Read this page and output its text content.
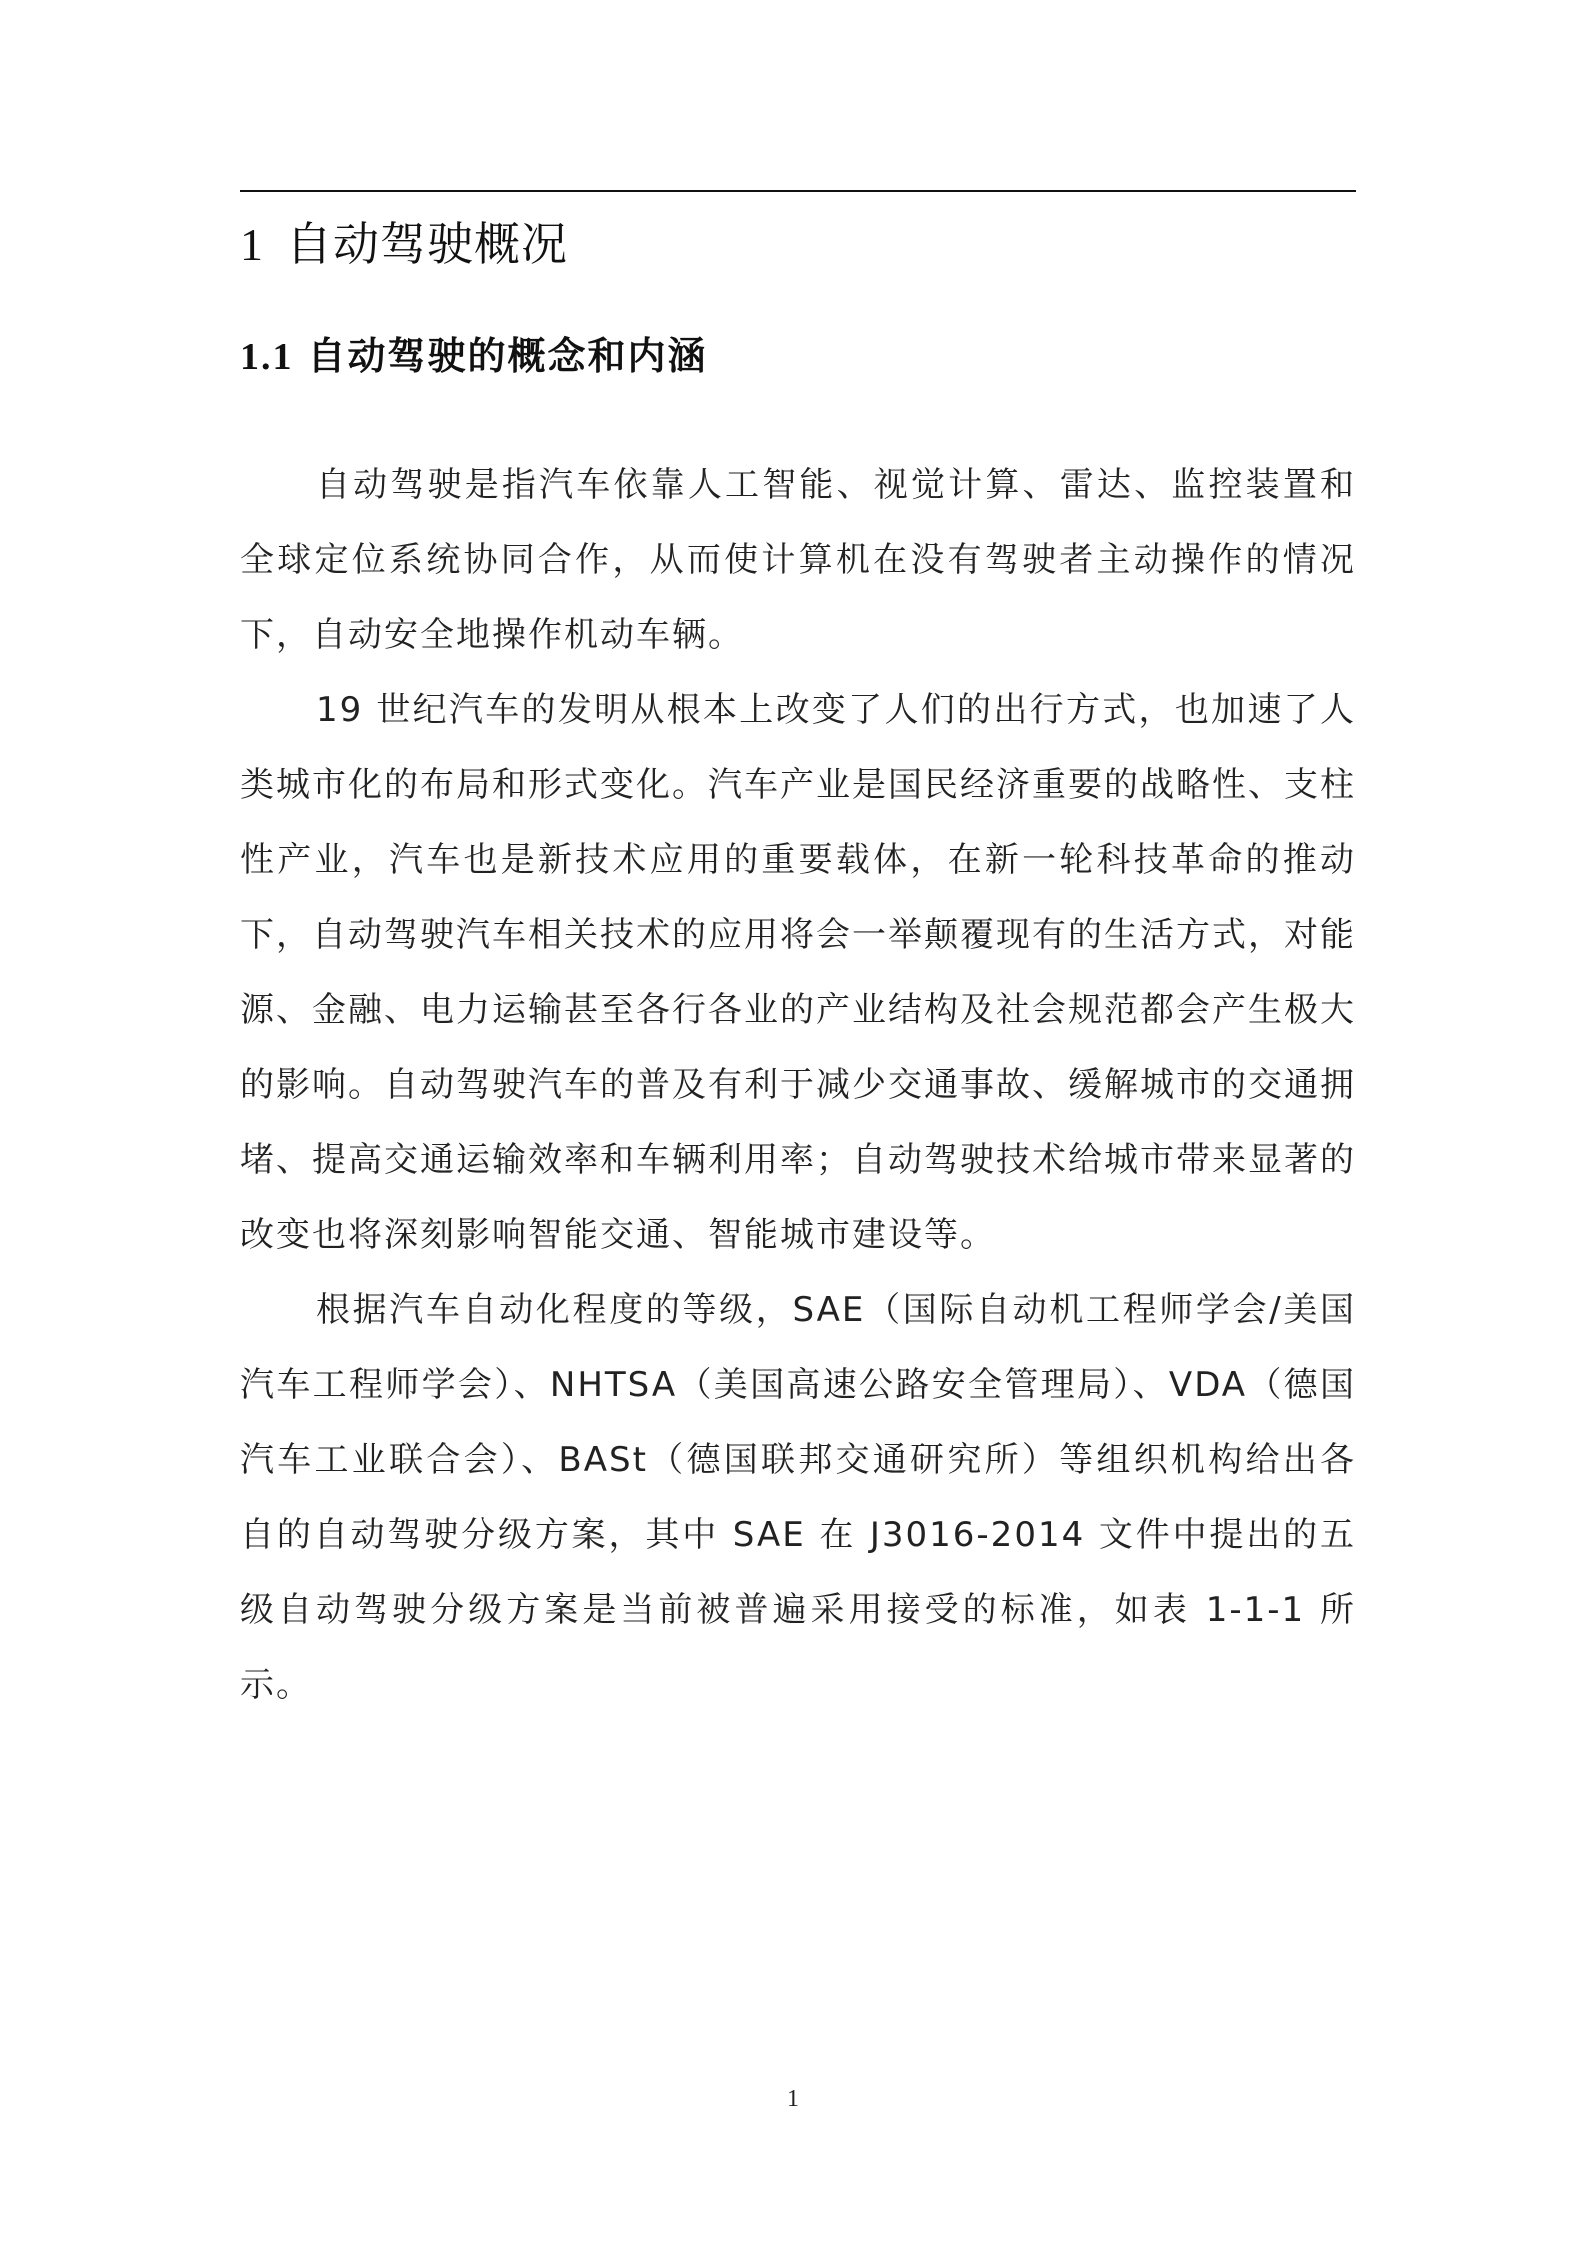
1 自动驾驶概况
1.1 自动驾驶的概念和内涵

自动驾驶是指汽车依靠人工智能、视觉计算、雷达、监控装置和全球定位系统协同合作，从而使计算机在没有驾驶者主动操作的情况下，自动安全地操作机动车辆。

19 世纪汽车的发明从根本上改变了人们的出行方式，也加速了人类城市化的布局和形式变化。汽车产业是国民经济重要的战略性、支柱性产业，汽车也是新技术应用的重要载体，在新一轮科技革命的推动下，自动驾驶汽车相关技术的应用将会一举颠覆现有的生活方式，对能源、金融、电力运输甚至各行各业的产业结构及社会规范都会产生极大的影响。自动驾驶汽车的普及有利于减少交通事故、缓解城市的交通拥堵、提高交通运输效率和车辆利用率；自动驾驶技术给城市带来显著的改变也将深刻影响智能交通、智能城市建设等。

根据汽车自动化程度的等级，SAE（国际自动机工程师学会/美国汽车工程师学会）、NHTSA（美国高速公路安全管理局）、VDA（德国汽车工业联合会）、BASt（德国联邦交通研究所）等组织机构给出各自的自动驾驶分级方案，其中 SAE 在 J3016-2014 文件中提出的五级自动驾驶分级方案是当前被普遍采用接受的标准，如表 1-1-1 所示。

1
